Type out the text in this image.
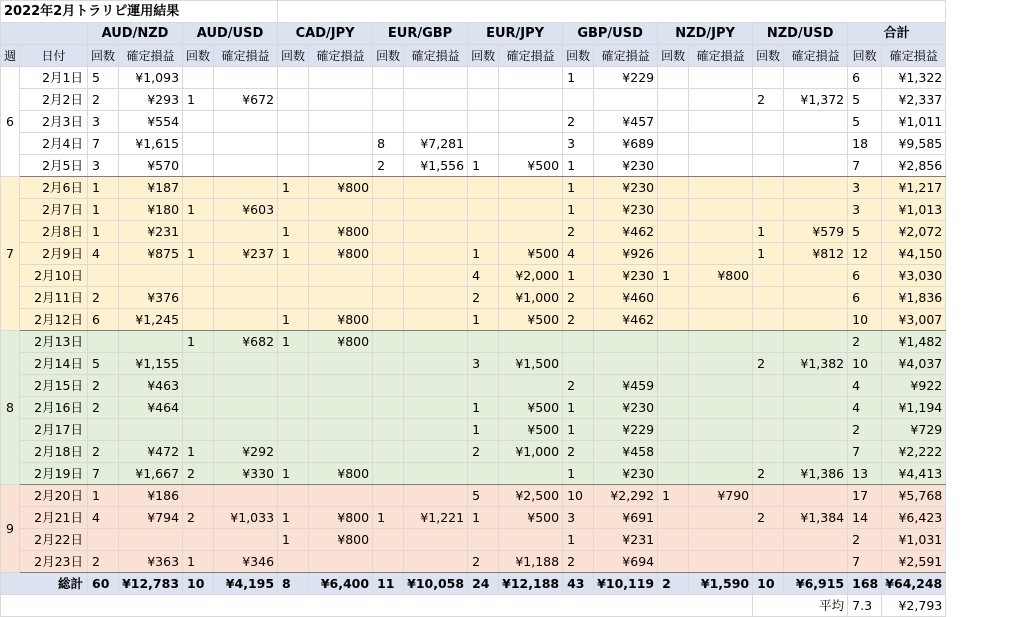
2022年2月トラリピ運用結果																			
		AUD/NZD		AUD/USD		CAD/JPY		EUR/GBP		EUR/JPY		GBP/USD		NZD/JPY		NZD/USD		合計	
週	日付	回数	確定損益	回数	確定損益	回数	確定損益	回数	確定損益	回数	確定損益	回数	確定損益	回数	確定損益	回数	確定損益	回数	確定損益
6	2月1日	5	¥1,093									1	¥229					6	¥1,322
	2月2日	2	¥293	1	¥672											2	¥1,372	5	¥2,337
	2月3日	3	¥554									2	¥457					5	¥1,011
	2月4日	7	¥1,615					8	¥7,281			3	¥689					18	¥9,585
	2月5日	3	¥570					2	¥1,556	1	¥500	1	¥230					7	¥2,856
7	2月6日	1	¥187			1	¥800					1	¥230					3	¥1,217
	2月7日	1	¥180	1	¥603							1	¥230					3	¥1,013
	2月8日	1	¥231			1	¥800					2	¥462			1	¥579	5	¥2,072
	2月9日	4	¥875	1	¥237	1	¥800			1	¥500	4	¥926			1	¥812	12	¥4,150
	2月10日									4	¥2,000	1	¥230	1	¥800			6	¥3,030
	2月11日	2	¥376							2	¥1,000	2	¥460					6	¥1,836
	2月12日	6	¥1,245			1	¥800			1	¥500	2	¥462					10	¥3,007
8	2月13日			1	¥682	1	¥800											2	¥1,482
	2月14日	5	¥1,155							3	¥1,500					2	¥1,382	10	¥4,037
	2月15日	2	¥463									2	¥459					4	¥922
	2月16日	2	¥464							1	¥500	1	¥230					4	¥1,194
	2月17日									1	¥500	1	¥229					2	¥729
	2月18日	2	¥472	1	¥292					2	¥1,000	2	¥458					7	¥2,222
	2月19日	7	¥1,667	2	¥330	1	¥800					1	¥230			2	¥1,386	13	¥4,413
9	2月20日	1	¥186							5	¥2,500	10	¥2,292	1	¥790			17	¥5,768
	2月21日	4	¥794	2	¥1,033	1	¥800	1	¥1,221	1	¥500	3	¥691			2	¥1,384	14	¥6,423
	2月22日					1	¥800					1	¥231					2	¥1,031
	2月23日	2	¥363	1	¥346					2	¥1,188	2	¥694					7	¥2,591
総計		60	¥12,783	10	¥4,195	8	¥6,400	11	¥10,058	24	¥12,188	43	¥10,119	2	¥1,590	10	¥6,915	168	¥64,248
																平均		7.3	¥2,793
